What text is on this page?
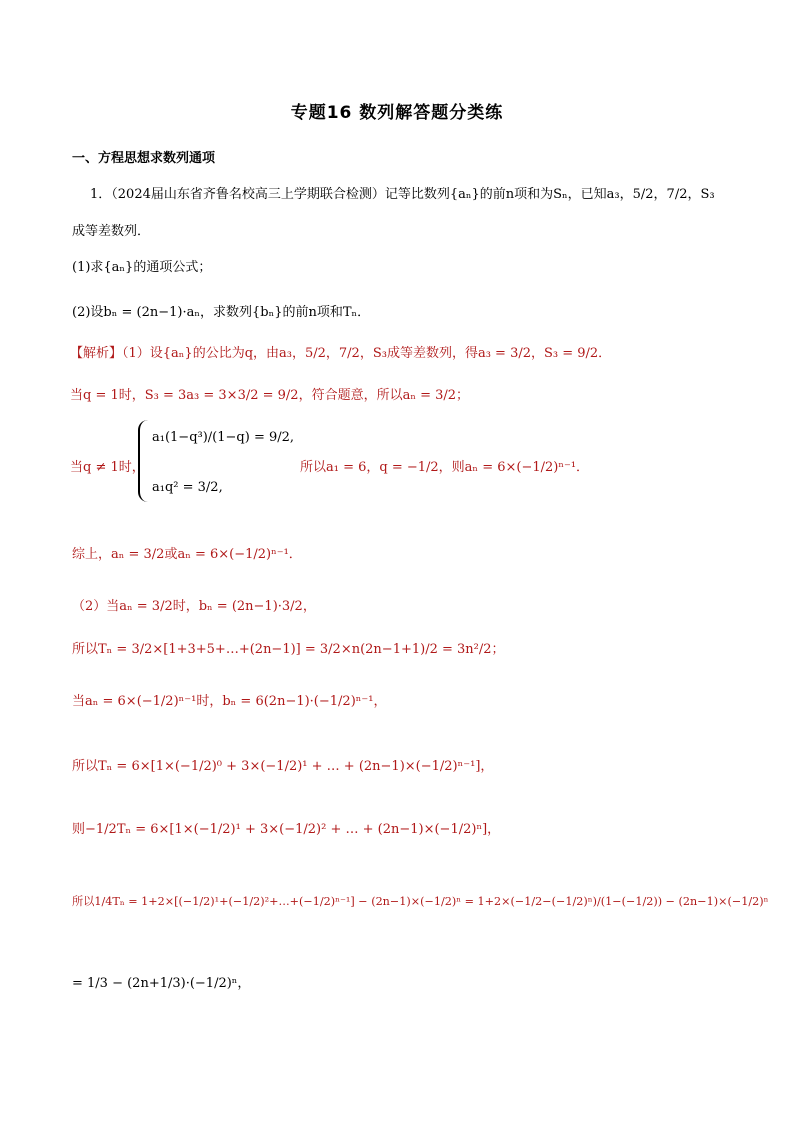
专题16 数列解答题分类练
一、方程思想求数列通项
1．（2024届山东省齐鲁名校高三上学期联合检测）记等比数列{aₙ}的前n项和为Sₙ，已知a₃，5/2，7/2，S₃
成等差数列．
(1)求{aₙ}的通项公式；
(2)设bₙ = (2n−1)·aₙ，求数列{bₙ}的前n项和Tₙ．
【解析】（1）设{aₙ}的公比为q，由a₃，5/2，7/2，S₃成等差数列，得a₃ = 3/2，S₃ = 9/2．
当q = 1时，S₃ = 3a₃ = 3×3/2 = 9/2，符合题意，所以aₙ = 3/2；
当q ≠ 1时，
a₁(1−q³)/(1−q) = 9/2,
a₁q² = 3/2,
所以a₁ = 6，q = −1/2，则aₙ = 6×(−1/2)ⁿ⁻¹．
综上，aₙ = 3/2或aₙ = 6×(−1/2)ⁿ⁻¹．
（2）当aₙ = 3/2时，bₙ = (2n−1)·3/2，
所以Tₙ = 3/2×[1+3+5+…+(2n−1)] = 3/2×n(2n−1+1)/2 = 3n²/2；
当aₙ = 6×(−1/2)ⁿ⁻¹时，bₙ = 6(2n−1)·(−1/2)ⁿ⁻¹，
所以Tₙ = 6×[1×(−1/2)⁰ + 3×(−1/2)¹ + … + (2n−1)×(−1/2)ⁿ⁻¹]，
则−1/2Tₙ = 6×[1×(−1/2)¹ + 3×(−1/2)² + … + (2n−1)×(−1/2)ⁿ]，
所以1/4Tₙ = 1+2×[(−1/2)¹+(−1/2)²+…+(−1/2)ⁿ⁻¹] − (2n−1)×(−1/2)ⁿ = 1+2×(−1/2−(−1/2)ⁿ)/(1−(−1/2)) − (2n−1)×(−1/2)ⁿ
= 1/3 − (2n+1/3)·(−1/2)ⁿ，
